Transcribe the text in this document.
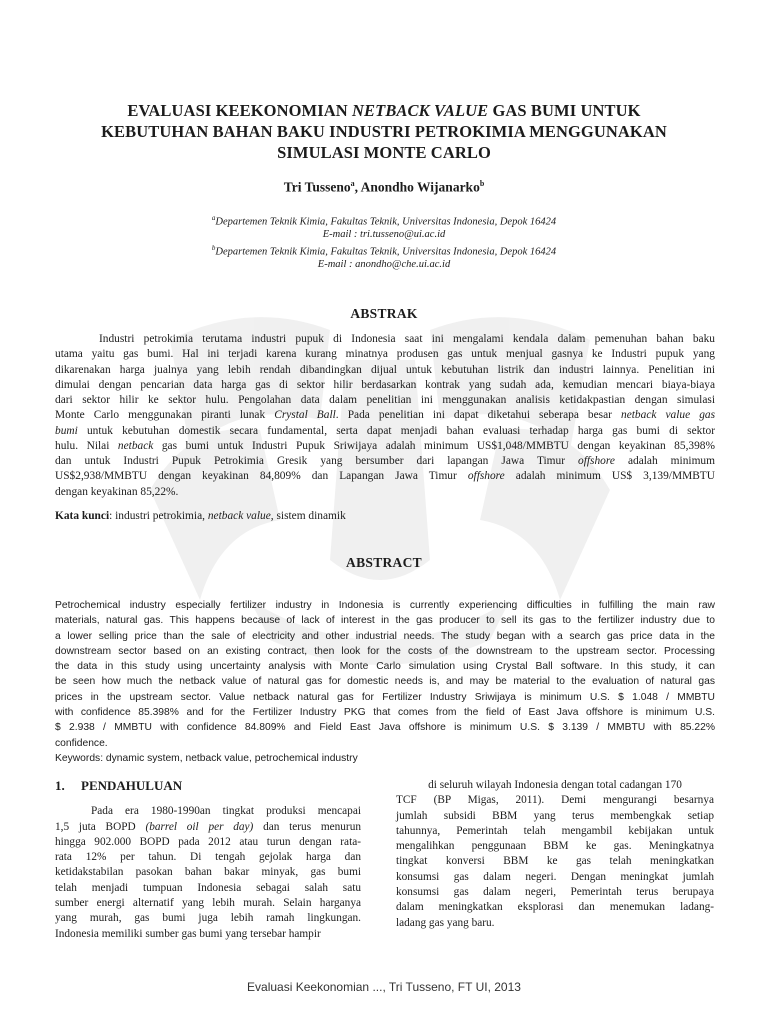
EVALUASI KEEKONOMIAN NETBACK VALUE GAS BUMI UNTUK
KEBUTUHAN BAHAN BAKU INDUSTRI PETROKIMIA MENGGUNAKAN
SIMULASI MONTE CARLO
Tri Tusseno$^a$, Anondho Wijanarko$^b$
$^a$Departemen Teknik Kimia, Fakultas Teknik, Universitas Indonesia, Depok 16424
E-mail : tri.tusseno@ui.ac.id
$^b$Departemen Teknik Kimia, Fakultas Teknik, Universitas Indonesia, Depok 16424
E-mail : anondho@che.ui.ac.id
ABSTRAK
Industri petrokimia terutama industri pupuk di Indonesia saat ini mengalami kendala dalam pemenuhan bahan baku
utama yaitu gas bumi. Hal ini terjadi karena kurang minatnya produsen gas untuk menjual gasnya ke Industri pupuk yang
dikarenakan harga jualnya yang lebih rendah dibandingkan dijual untuk kebutuhan listrik dan industri lainnya. Penelitian ini
dimulai dengan pencarian data harga gas di sektor hilir berdasarkan kontrak yang sudah ada, kemudian mencari biaya-biaya
dari sektor hilir ke sektor hulu. Pengolahan data dalam penelitian ini menggunakan analisis ketidakpastian dengan simulasi
Monte Carlo menggunakan piranti lunak Crystal Ball. Pada penelitian ini dapat diketahui seberapa besar netback value gas
bumi untuk kebutuhan domestik secara fundamental, serta dapat menjadi bahan evaluasi terhadap harga gas bumi di sektor
hulu. Nilai netback gas bumi untuk Industri Pupuk Sriwijaya adalah minimum US$1,048/MMBTU dengan keyakinan 85,398%
dan untuk Industri Pupuk Petrokimia Gresik yang bersumber dari lapangan Jawa Timur offshore adalah minimum
US$2,938/MMBTU dengan keyakinan 84,809% dan Lapangan Jawa Timur offshore adalah minimum US$ 3,139/MMBTU
dengan keyakinan 85,22%.
Kata kunci: industri petrokimia, netback value, sistem dinamik
ABSTRACT
Petrochemical industry especially fertilizer industry in Indonesia is currently experiencing difficulties in fulfilling the main raw
materials, natural gas. This happens because of lack of interest in the gas producer to sell its gas to the fertilizer industry due to
a lower selling price than the sale of electricity and other industrial needs. The study began with a search gas price data in the
downstream sector based on an existing contract, then look for the costs of the downstream to the upstream sector. Processing
the data in this study using uncertainty analysis with Monte Carlo simulation using Crystal Ball software. In this study, it can
be seen how much the netback value of natural gas for domestic needs is, and may be material to the evaluation of natural gas
prices in the upstream sector. Value netback natural gas for Fertilizer Industry Sriwijaya is minimum U.S. $ 1.048 / MMBTU
with confidence 85.398% and for the Fertilizer Industry PKG that comes from the field of East Java offshore is minimum U.S.
$ 2.938 / MMBTU with confidence 84.809% and Field East Java offshore is minimum U.S. $ 3.139 / MMBTU with 85.22%
confidence.
Keywords: dynamic system, netback value, petrochemical industry
1. PENDAHULUAN
Pada era 1980-1990an tingkat produksi mencapai
1,5 juta BOPD (barrel oil per day) dan terus menurun
hingga 902.000 BOPD pada 2012 atau turun dengan rata-
rata 12% per tahun. Di tengah gejolak harga dan
ketidakstabilan pasokan bahan bakar minyak, gas bumi
telah menjadi tumpuan Indonesia sebagai salah satu
sumber energi alternatif yang lebih murah. Selain harganya
yang murah, gas bumi juga lebih ramah lingkungan.
Indonesia memiliki sumber gas bumi yang tersebar hampir
di seluruh wilayah Indonesia dengan total cadangan 170
TCF (BP Migas, 2011). Demi mengurangi besarnya
jumlah subsidi BBM yang terus membengkak setiap
tahunnya, Pemerintah telah mengambil kebijakan untuk
mengalihkan penggunaan BBM ke gas. Meningkatnya
tingkat konversi BBM ke gas telah meningkatkan
konsumsi gas dalam negeri. Dengan meningkat jumlah
konsumsi gas dalam negeri, Pemerintah terus berupaya
dalam meningkatkan eksplorasi dan menemukan ladang-
ladang gas yang baru.
Evaluasi Keekonomian ..., Tri Tusseno, FT UI, 2013
